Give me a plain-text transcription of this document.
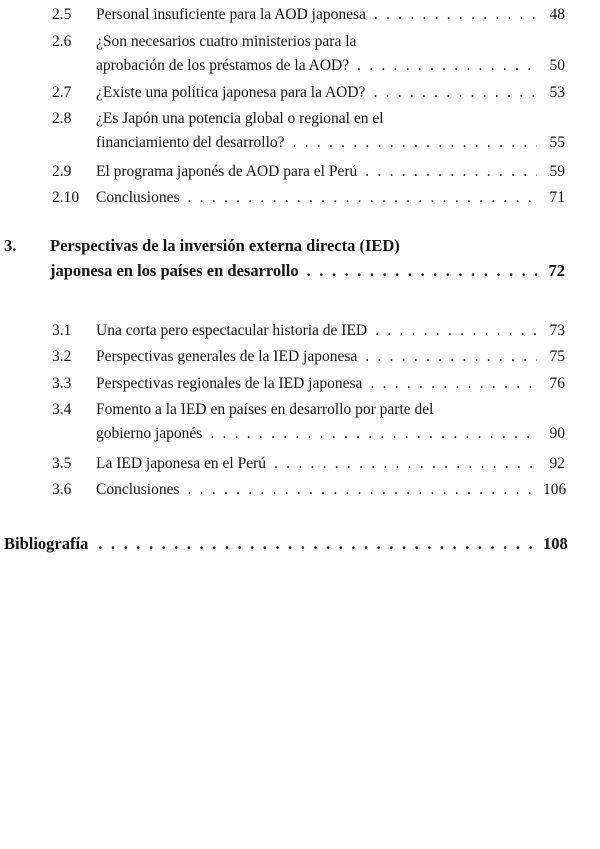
2.5	Personal insuficiente para la AOD japonesa . . .	48
2.6	¿Son necesarios cuatro ministerios para la
aprobación de los préstamos de la AOD? . . .	50
2.7	¿Existe una política japonesa para la AOD? . . .	53
2.8	¿Es Japón una potencia global o regional en el
financiamiento del desarrollo? . . .	55
2.9	El programa japonés de AOD para el Perú . . .	59
2.10	Conclusiones . . .	71
3. Perspectivas de la inversión externa directa (IED)
japonesa en los países en desarrollo . . .	72
3.1	Una corta pero espectacular historia de IED . . .	73
3.2	Perspectivas generales de la IED japonesa . . .	75
3.3	Perspectivas regionales de la IED japonesa . . .	76
3.4	Fomento a la IED en países en desarrollo por parte del
gobierno japonés . . .	90
3.5	La IED japonesa en el Perú . . .	92
3.6	Conclusiones . . .	106
Bibliografía . . .	108
